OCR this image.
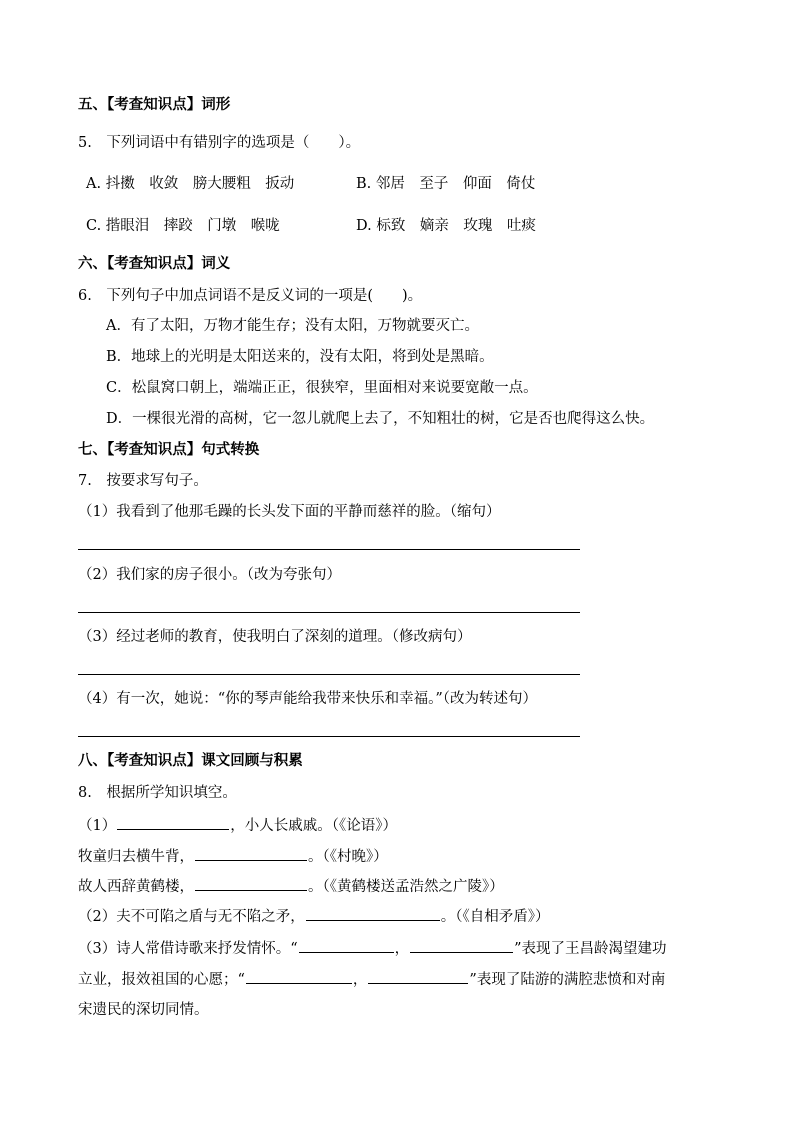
五、【考查知识点】词形
5.　下列词语中有错别字的选项是（　　）。
A. 抖擞　收敛　膀大腰粗　扳动	B. 邻居　至子　仰面　倚仗
C. 揩眼泪　摔跤　门墩　喉咙	D. 标致　嫡亲　玫瑰　吐痰
六、【考查知识点】词义
6.　下列句子中加点词语不是反义词的一项是(　　)。
A．有了太阳，万物才能生存；没有太阳，万物就要灭亡。
B．地球上的光明是太阳送来的，没有太阳，将到处是黑暗。
C．松鼠窝口朝上，端端正正，很狭窄，里面相对来说要宽敞一点。
D．一棵很光滑的高树，它一忽儿就爬上去了，不知粗壮的树，它是否也爬得这么快。
七、【考查知识点】句式转换
7.　按要求写句子。
（1）我看到了他那毛躁的长头发下面的平静而慈祥的脸。（缩句）
（2）我们家的房子很小。（改为夸张句）
（3）经过老师的教育，使我明白了深刻的道理。（修改病句）
（4）有一次，她说：“你的琴声能给我带来快乐和幸福。”（改为转述句）
八、【考查知识点】课文回顾与积累
8.　根据所学知识填空。
（1）	，小人长戚戚。（《论语》）
牧童归去横牛背，	。（《村晚》）
故人西辞黄鹤楼，	。（《黄鹤楼送孟浩然之广陵》）
（2）夫不可陷之盾与无不陷之矛，	。（《自相矛盾》）
（3）诗人常借诗歌来抒发情怀。“	，	”表现了王昌龄渴望建功
立业，报效祖国的心愿；“	，	”表现了陆游的满腔悲愤和对南
宋遗民的深切同情。
